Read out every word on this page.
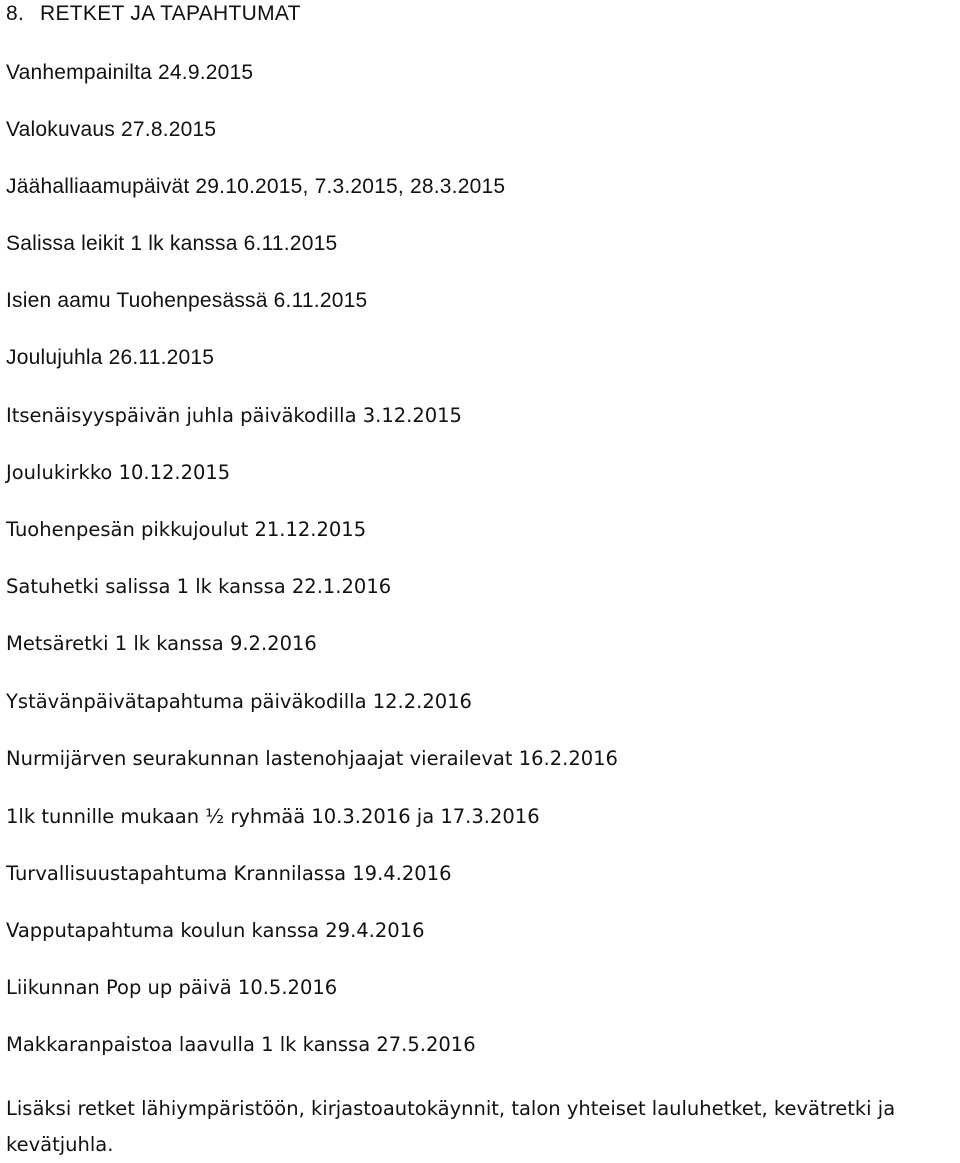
8. RETKET JA TAPAHTUMAT
Vanhempainilta 24.9.2015
Valokuvaus 27.8.2015
Jäähalliaamupäivät 29.10.2015, 7.3.2015, 28.3.2015
Salissa leikit 1 lk kanssa 6.11.2015
Isien aamu Tuohenpesässä 6.11.2015
Joulujuhla 26.11.2015
Itsenäisyyspäivän juhla päiväkodilla 3.12.2015
Joulukirkko 10.12.2015
Tuohenpesän pikkujoulut 21.12.2015
Satuhetki salissa 1 lk kanssa 22.1.2016
Metsäretki 1 lk kanssa 9.2.2016
Ystävänpäivätapahtuma päiväkodilla 12.2.2016
Nurmijärven seurakunnan lastenohjaajat vierailevat 16.2.2016
1lk tunnille mukaan ½ ryhmää 10.3.2016 ja 17.3.2016
Turvallisuustapahtuma Krannilassa 19.4.2016
Vapputapahtuma koulun kanssa 29.4.2016
Liikunnan Pop up päivä 10.5.2016
Makkaranpaistoa laavulla 1 lk kanssa 27.5.2016
Lisäksi retket lähiympäristöön, kirjastoautokäynnit, talon yhteiset lauluhetket, kevätretki ja kevätjuhla.
